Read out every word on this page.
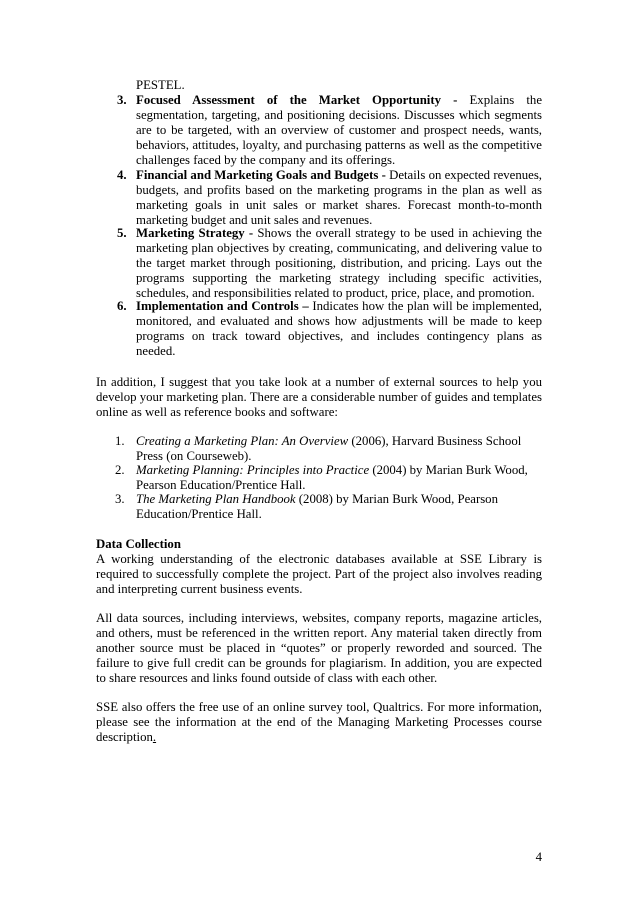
PESTEL.
3. Focused Assessment of the Market Opportunity - Explains the segmentation, targeting, and positioning decisions. Discusses which segments are to be targeted, with an overview of customer and prospect needs, wants, behaviors, attitudes, loyalty, and purchasing patterns as well as the competitive challenges faced by the company and its offerings.
4. Financial and Marketing Goals and Budgets - Details on expected revenues, budgets, and profits based on the marketing programs in the plan as well as marketing goals in unit sales or market shares. Forecast month-to-month marketing budget and unit sales and revenues.
5. Marketing Strategy - Shows the overall strategy to be used in achieving the marketing plan objectives by creating, communicating, and delivering value to the target market through positioning, distribution, and pricing. Lays out the programs supporting the marketing strategy including specific activities, schedules, and responsibilities related to product, price, place, and promotion.
6. Implementation and Controls – Indicates how the plan will be implemented, monitored, and evaluated and shows how adjustments will be made to keep programs on track toward objectives, and includes contingency plans as needed.
In addition, I suggest that you take look at a number of external sources to help you develop your marketing plan. There are a considerable number of guides and templates online as well as reference books and software:
1. Creating a Marketing Plan: An Overview (2006), Harvard Business School Press (on Courseweb).
2. Marketing Planning: Principles into Practice (2004) by Marian Burk Wood, Pearson Education/Prentice Hall.
3. The Marketing Plan Handbook (2008) by Marian Burk Wood, Pearson Education/Prentice Hall.
Data Collection
A working understanding of the electronic databases available at SSE Library is required to successfully complete the project. Part of the project also involves reading and interpreting current business events.
All data sources, including interviews, websites, company reports, magazine articles, and others, must be referenced in the written report. Any material taken directly from another source must be placed in “quotes” or properly reworded and sourced. The failure to give full credit can be grounds for plagiarism. In addition, you are expected to share resources and links found outside of class with each other.
SSE also offers the free use of an online survey tool, Qualtrics. For more information, please see the information at the end of the Managing Marketing Processes course description.
4
